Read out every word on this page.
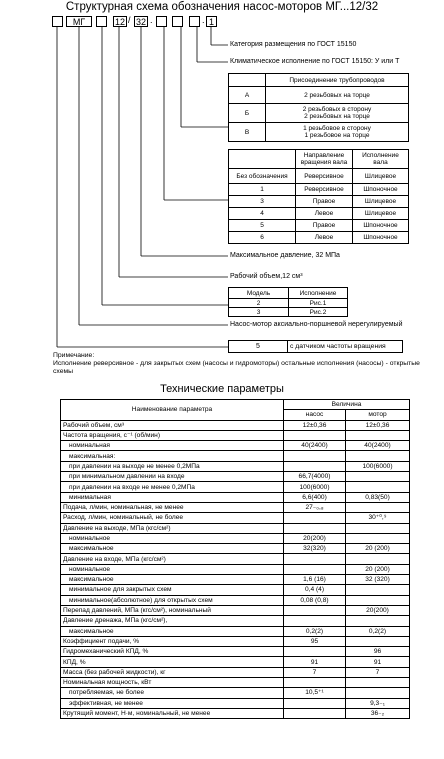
Структурная схема обозначения насос-моторов МГ...12/32
МГ	12 / 32 .	. 1
Категория размещения по ГОСТ 15150
Климатическое исполнение по ГОСТ 15150: У или Т
	Присоединение трубопроводов
А	2 резьбовых на торце
Б	2 резьбовых в сторону
2 резьбовых на торце
В	1 резьбовое в сторону
1 резьбовое на торце
	Направление вращения вала	Исполнение вала
Без обозначения	Реверсивное	Шлицевое
1	Реверсивное	Шпоночное
3	Правое	Шлицевое
4	Левое	Шлицевое
5	Правое	Шпоночное
6	Левое	Шпоночное
Максимальное давление, 32 МПа
Рабочий объем,12 см³
Модель	Исполнение
2	Рис.1
3	Рис.2
Насос-мотор аксиально-поршневой нерегулируемый
5	с датчиком частоты вращения
Примечание:
Исполнение реверсивное - для закрытых схем (насосы и гидромоторы) остальные исполнения (насосы) - открытые схемы
Технические параметры
Наименование параметра	Величина	
	насос	мотор
Рабочий объем, см³	12±0,36	12±0,36
Частота вращения, с⁻¹ (об/мин)		
номинальная	40(2400)	40(2400)
максимальная:		
при давлении на выходе не менее 0,2МПа		100(6000)
при минимальном давлении на входе	66,7(4000)	
при давлении на входе не менее 0,2МПа	100(6000)	
минимальная	6,6(400)	0,83(50)
Подача, л/мин, номинальная, не менее	27₋₀,₈	
Расход, л/мин, номинальный, не более		30⁺⁰,⁹
Давление на выходе, МПа (кгс/см²)		
номинальное	20(200)	
максимальное	32(320)	20 (200)
Давление на входе, МПа (кгс/см²)		
номинальное		20 (200)
максимальное	1,6 (16)	32 (320)
минимальное для закрытых схем	0,4 (4)	
минимальное(абсолютное) для открытых схем	0,08 (0,8)	
Перепад давлений, МПа (кгс/см²), номинальный		20(200)
Давление дренажа, МПа (кгс/см²),		
максимальное	0,2(2)	0,2(2)
Коэффициент подачи, %	95	
Гидромеханический КПД, %		96
КПД, %	91	91
Масса (без рабочей жидкости), кг	7	7
Номинальная мощность, кВт		
потребляемая, не более	10,5⁺¹	
эффективная, не менее		9,3₋₁
Крутящий момент, Н·м, номинальный, не менее		36₋₂
